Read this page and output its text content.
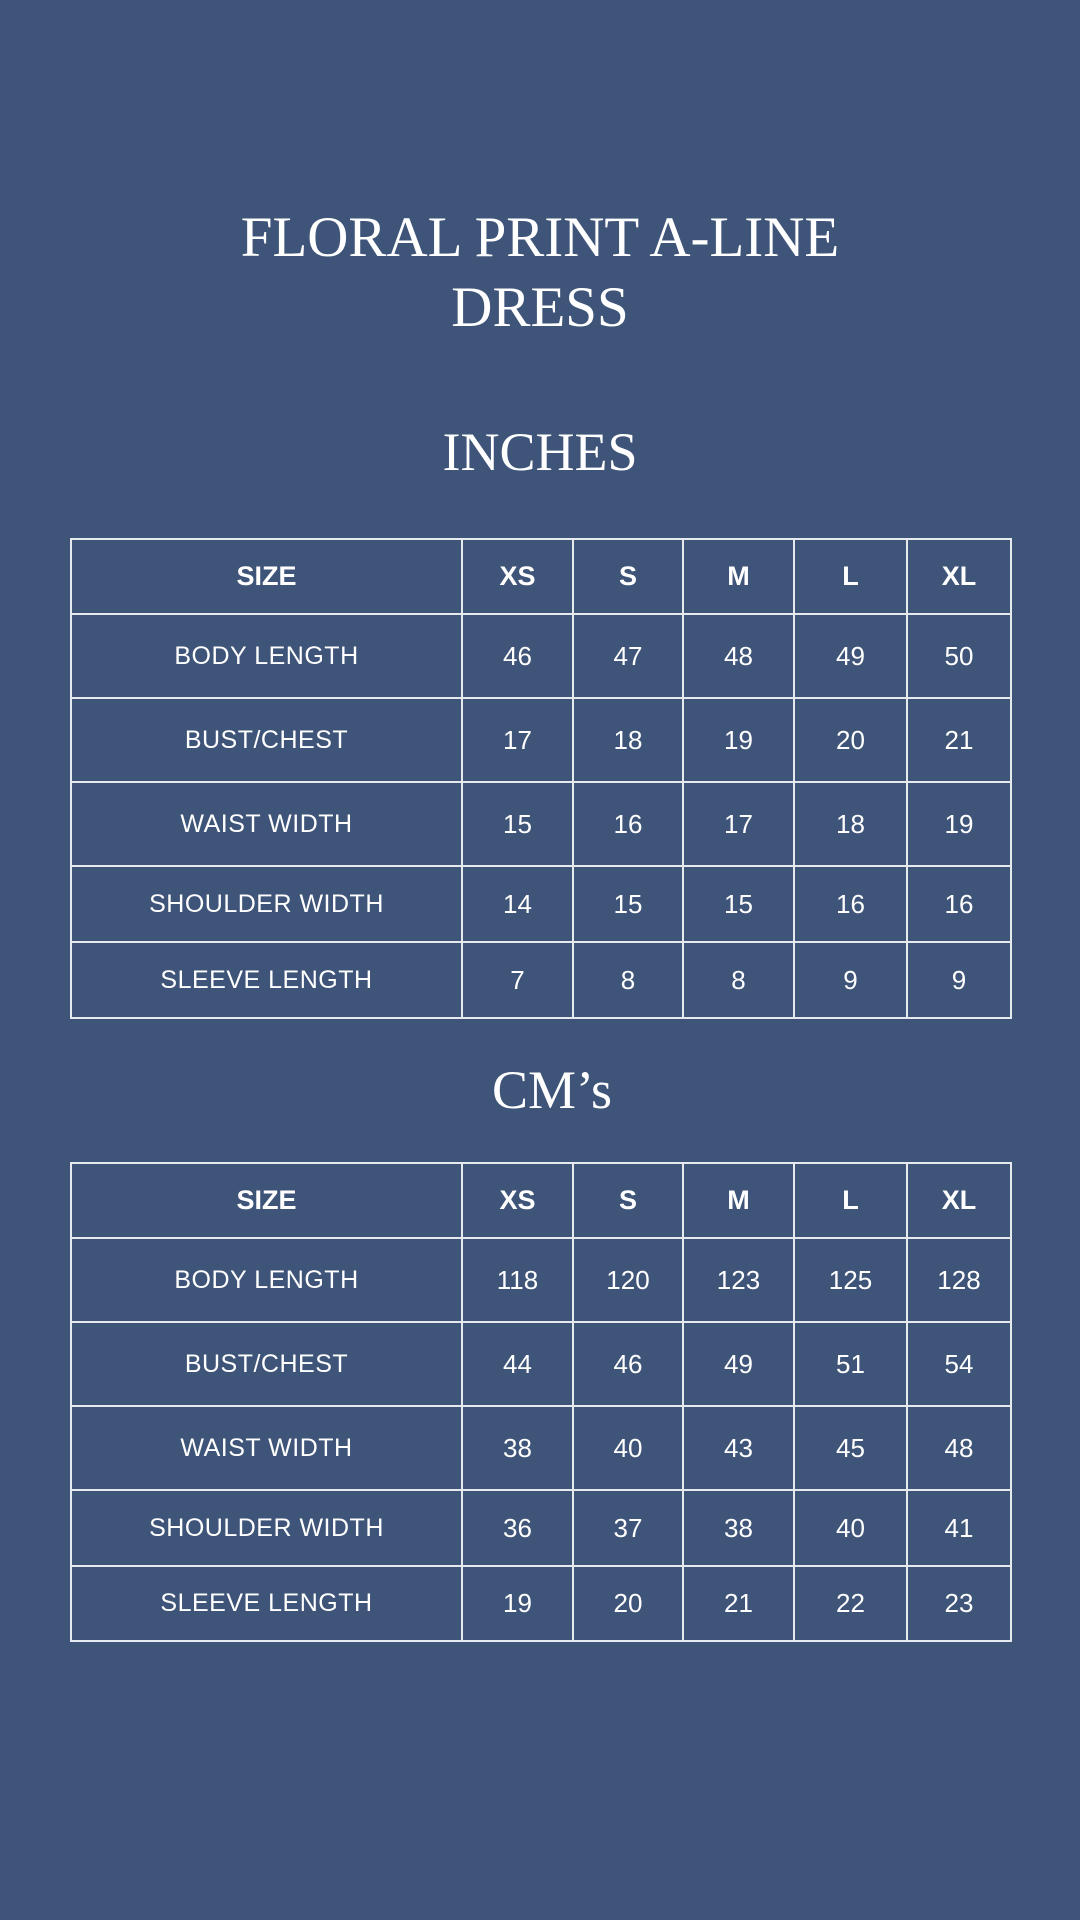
FLORAL PRINT A-LINE
DRESS
INCHES
SIZE	XS	S	M	L	XL
BODY LENGTH	46	47	48	49	50
BUST/CHEST	17	18	19	20	21
WAIST WIDTH	15	16	17	18	19
SHOULDER WIDTH	14	15	15	16	16
SLEEVE LENGTH	7	8	8	9	9
CM’s
SIZE	XS	S	M	L	XL
BODY LENGTH	118	120	123	125	128
BUST/CHEST	44	46	49	51	54
WAIST WIDTH	38	40	43	45	48
SHOULDER WIDTH	36	37	38	40	41
SLEEVE LENGTH	19	20	21	22	23
